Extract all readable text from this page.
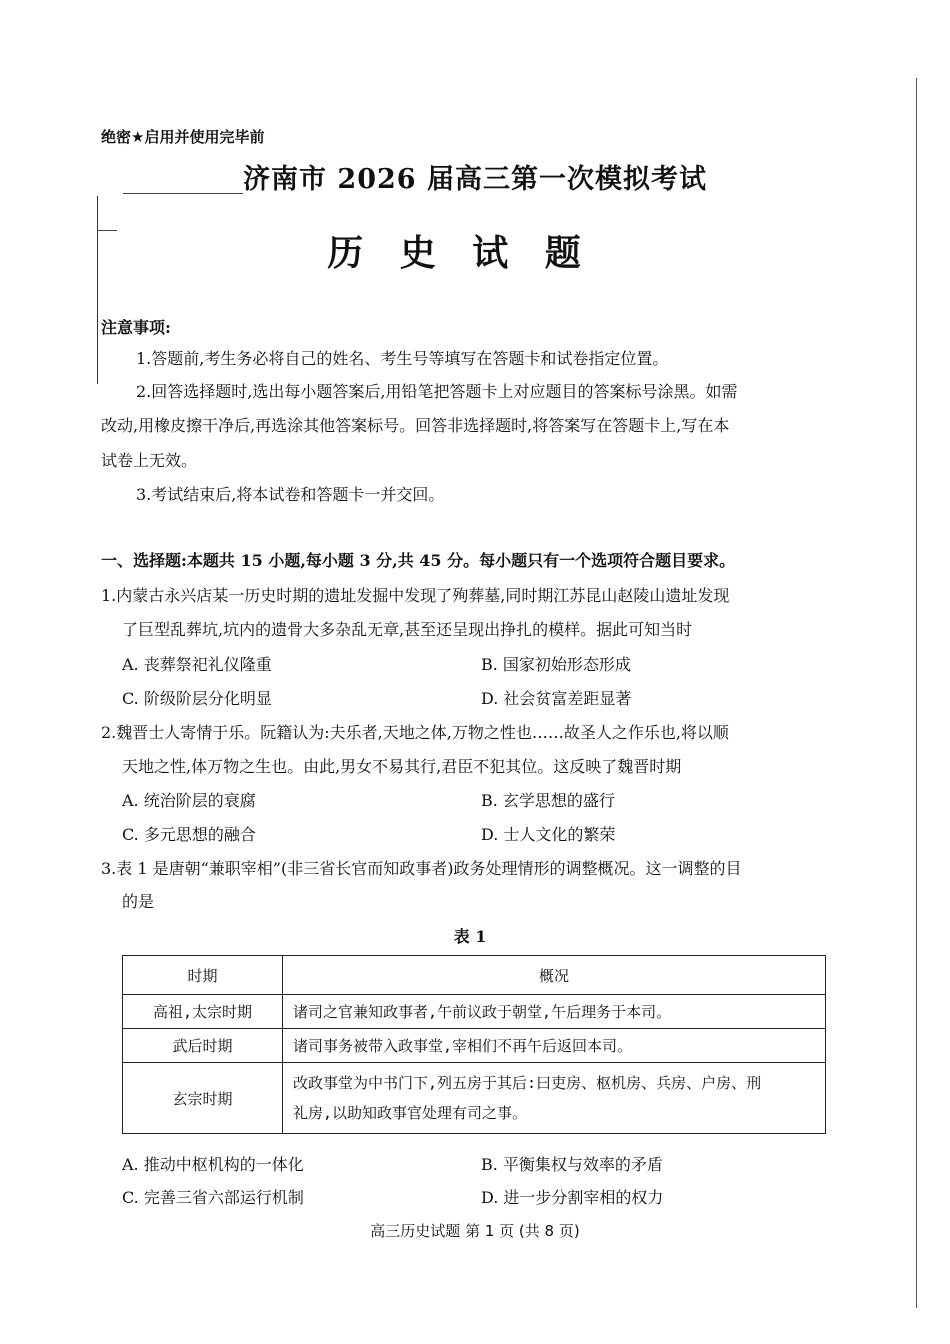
绝密★启用并使用完毕前
济南市 2026 届高三第一次模拟考试
历 史 试 题
注意事项:
1.答题前,考生务必将自己的姓名、考生号等填写在答题卡和试卷指定位置。
2.回答选择题时,选出每小题答案后,用铅笔把答题卡上对应题目的答案标号涂黑。如需
改动,用橡皮擦干净后,再选涂其他答案标号。回答非选择题时,将答案写在答题卡上,写在本
试卷上无效。
3.考试结束后,将本试卷和答题卡一并交回。
一、选择题:本题共 15 小题,每小题 3 分,共 45 分。每小题只有一个选项符合题目要求。
1.内蒙古永兴店某一历史时期的遗址发掘中发现了殉葬墓,同时期江苏昆山赵陵山遗址发现
了巨型乱葬坑,坑内的遗骨大多杂乱无章,甚至还呈现出挣扎的模样。据此可知当时
A. 丧葬祭祀礼仪隆重	B. 国家初始形态形成
C. 阶级阶层分化明显	D. 社会贫富差距显著
2.魏晋士人寄情于乐。阮籍认为:夫乐者,天地之体,万物之性也……故圣人之作乐也,将以顺
天地之性,体万物之生也。由此,男女不易其行,君臣不犯其位。这反映了魏晋时期
A. 统治阶层的衰腐	B. 玄学思想的盛行
C. 多元思想的融合	D. 士人文化的繁荣
3.表 1 是唐朝“兼职宰相”(非三省长官而知政事者)政务处理情形的调整概况。这一调整的目
的是
表 1
时期	概况
高祖,太宗时期	诸司之官兼知政事者,午前议政于朝堂,午后理务于本司。
武后时期	诸司事务被带入政事堂,宰相们不再午后返回本司。
玄宗时期	改政事堂为中书门下,列五房于其后:曰吏房、枢机房、兵房、户房、刑
礼房,以助知政事官处理有司之事。
A. 推动中枢机构的一体化	B. 平衡集权与效率的矛盾
C. 完善三省六部运行机制	D. 进一步分割宰相的权力
高三历史试题 第 1 页 (共 8 页)
